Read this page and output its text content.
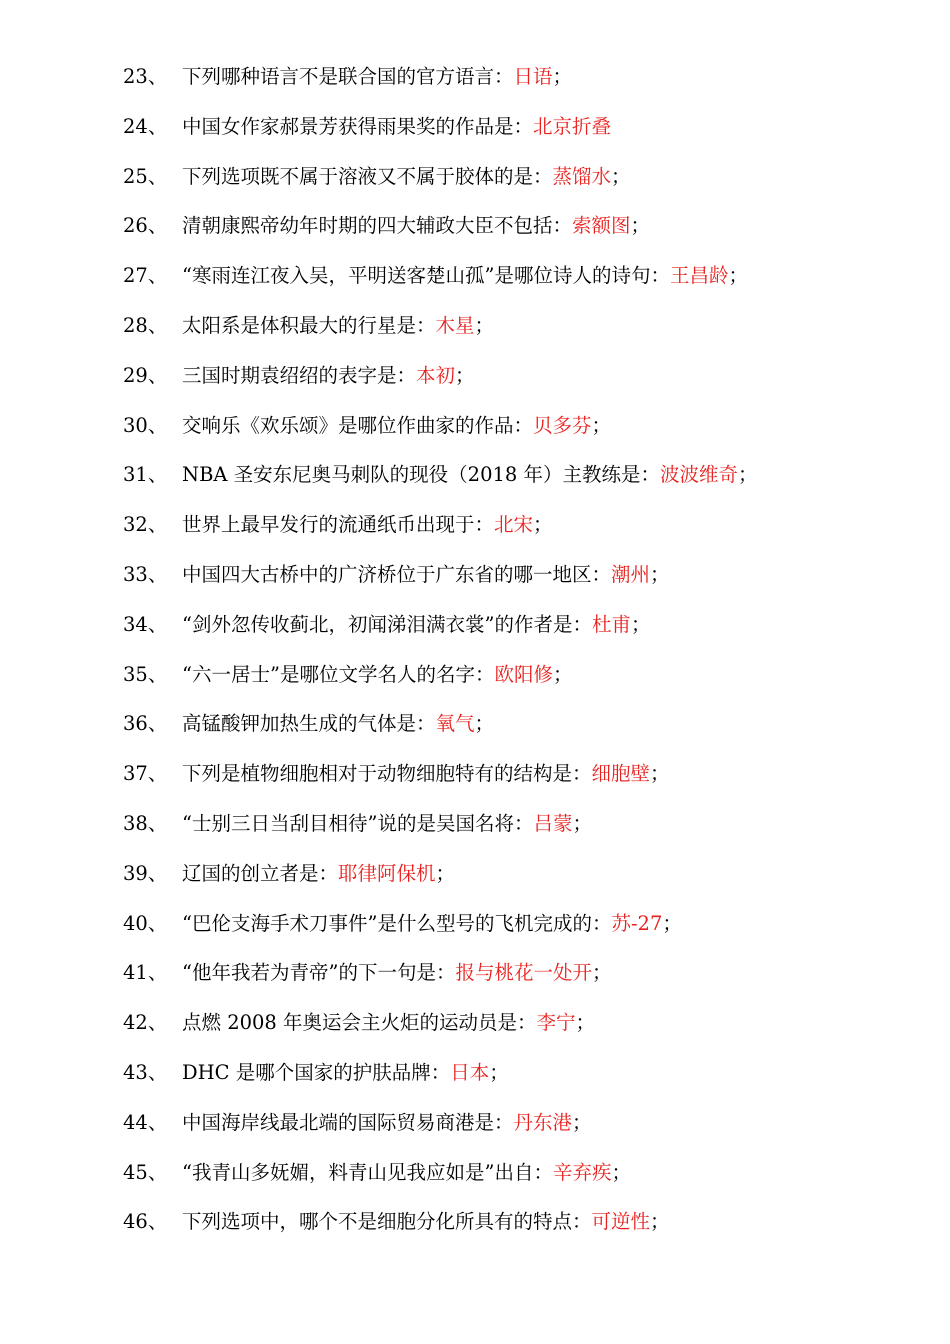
23、 下列哪种语言不是联合国的官方语言：日语；
24、 中国女作家郝景芳获得雨果奖的作品是：北京折叠
25、 下列选项既不属于溶液又不属于胶体的是：蒸馏水；
26、 清朝康熙帝幼年时期的四大辅政大臣不包括：索额图；
27、 “寒雨连江夜入吴，平明送客楚山孤”是哪位诗人的诗句：王昌龄；
28、 太阳系是体积最大的行星是：木星；
29、 三国时期袁绍绍的表字是：本初；
30、 交响乐《欢乐颂》是哪位作曲家的作品：贝多芬；
31、 NBA 圣安东尼奥马刺队的现役（2018 年）主教练是：波波维奇；
32、 世界上最早发行的流通纸币出现于：北宋；
33、 中国四大古桥中的广济桥位于广东省的哪一地区：潮州；
34、 “剑外忽传收蓟北，初闻涕泪满衣裳”的作者是：杜甫；
35、 “六一居士”是哪位文学名人的名字：欧阳修；
36、 高锰酸钾加热生成的气体是：氧气；
37、 下列是植物细胞相对于动物细胞特有的结构是：细胞壁；
38、 “士别三日当刮目相待”说的是吴国名将：吕蒙；
39、 辽国的创立者是：耶律阿保机；
40、 “巴伦支海手术刀事件”是什么型号的飞机完成的：苏-27；
41、 “他年我若为青帝”的下一句是：报与桃花一处开；
42、 点燃 2008 年奥运会主火炬的运动员是：李宁；
43、 DHC 是哪个国家的护肤品牌：日本；
44、 中国海岸线最北端的国际贸易商港是：丹东港；
45、 “我青山多妩媚，料青山见我应如是”出自：辛弃疾；
46、 下列选项中，哪个不是细胞分化所具有的特点：可逆性；
